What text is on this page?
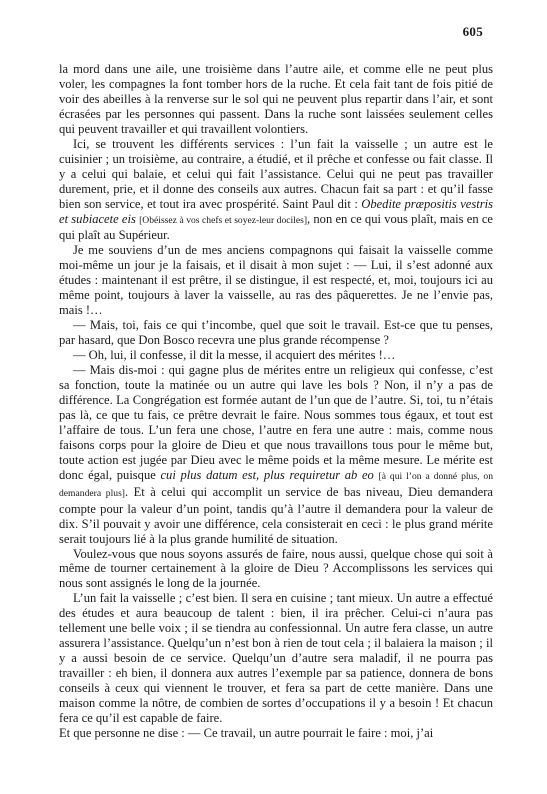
605

la mord dans une aile, une troisième dans l’autre aile, et comme elle ne peut plus voler, les compagnes la font tomber hors de la ruche. Et cela fait tant de fois pitié de voir des abeilles à la renverse sur le sol qui ne peuvent plus repartir dans l’air, et sont écrasées par les personnes qui passent. Dans la ruche sont laissées seulement celles qui peuvent travailler et qui travaillent volontiers.

Ici, se trouvent les différents services : l’un fait la vaisselle ; un autre est le cuisinier ; un troisième, au contraire, a étudié, et il prêche et confesse ou fait classe. Il y a celui qui balaie, et celui qui fait l’assistance. Celui qui ne peut pas travailler durement, prie, et il donne des conseils aux autres. Chacun fait sa part : et qu’il fasse bien son service, et tout ira avec prospérité. Saint Paul dit : Obedite præpositis vestris et subiacete eis [Obéissez à vos chefs et soyez-leur dociles], non en ce qui vous plaît, mais en ce qui plaît au Supérieur.

Je me souviens d’un de mes anciens compagnons qui faisait la vaisselle comme moi-même un jour je la faisais, et il disait à mon sujet : — Lui, il s’est adonné aux études : maintenant il est prêtre, il se distingue, il est respecté, et, moi, toujours ici au même point, toujours à laver la vaisselle, au ras des pâquerettes. Je ne l’envie pas, mais !…

— Mais, toi, fais ce qui t’incombe, quel que soit le travail. Est-ce que tu penses, par hasard, que Don Bosco recevra une plus grande récompense ?

— Oh, lui, il confesse, il dit la messe, il acquiert des mérites !…

— Mais dis-moi : qui gagne plus de mérites entre un religieux qui confesse, c’est sa fonction, toute la matinée ou un autre qui lave les bols ? Non, il n’y a pas de différence. La Congrégation est formée autant de l’un que de l’autre. Si, toi, tu n’étais pas là, ce que tu fais, ce prêtre devrait le faire. Nous sommes tous égaux, et tout est l’affaire de tous. L’un fera une chose, l’autre en fera une autre : mais, comme nous faisons corps pour la gloire de Dieu et que nous travaillons tous pour le même but, toute action est jugée par Dieu avec le même poids et la même mesure. Le mérite est donc égal, puisque cui plus datum est, plus requiretur ab eo [à qui l’on a donné plus, on demandera plus]. Et à celui qui accomplit un service de bas niveau, Dieu demandera compte pour la valeur d’un point, tandis qu’à l’autre il demandera pour la valeur de dix. S’il pouvait y avoir une différence, cela consisterait en ceci : le plus grand mérite serait toujours lié à la plus grande humilité de situation.

Voulez-vous que nous soyons assurés de faire, nous aussi, quelque chose qui soit à même de tourner certainement à la gloire de Dieu ? Accomplissons les services qui nous sont assignés le long de la journée.

L’un fait la vaisselle ; c’est bien. Il sera en cuisine ; tant mieux. Un autre a effectué des études et aura beaucoup de talent : bien, il ira prêcher. Celui-ci n’aura pas tellement une belle voix ; il se tiendra au confessionnal. Un autre fera classe, un autre assurera l’assistance. Quelqu’un n’est bon à rien de tout cela ; il balaiera la maison ; il y a aussi besoin de ce service. Quelqu’un d’autre sera maladif, il ne pourra pas travailler : eh bien, il donnera aux autres l’exemple par sa patience, donnera de bons conseils à ceux qui viennent le trouver, et fera sa part de cette manière. Dans une maison comme la nôtre, de combien de sortes d’occupations il y a besoin ! Et chacun fera ce qu’il est capable de faire.

Et que personne ne dise : — Ce travail, un autre pourrait le faire : moi, j’ai
